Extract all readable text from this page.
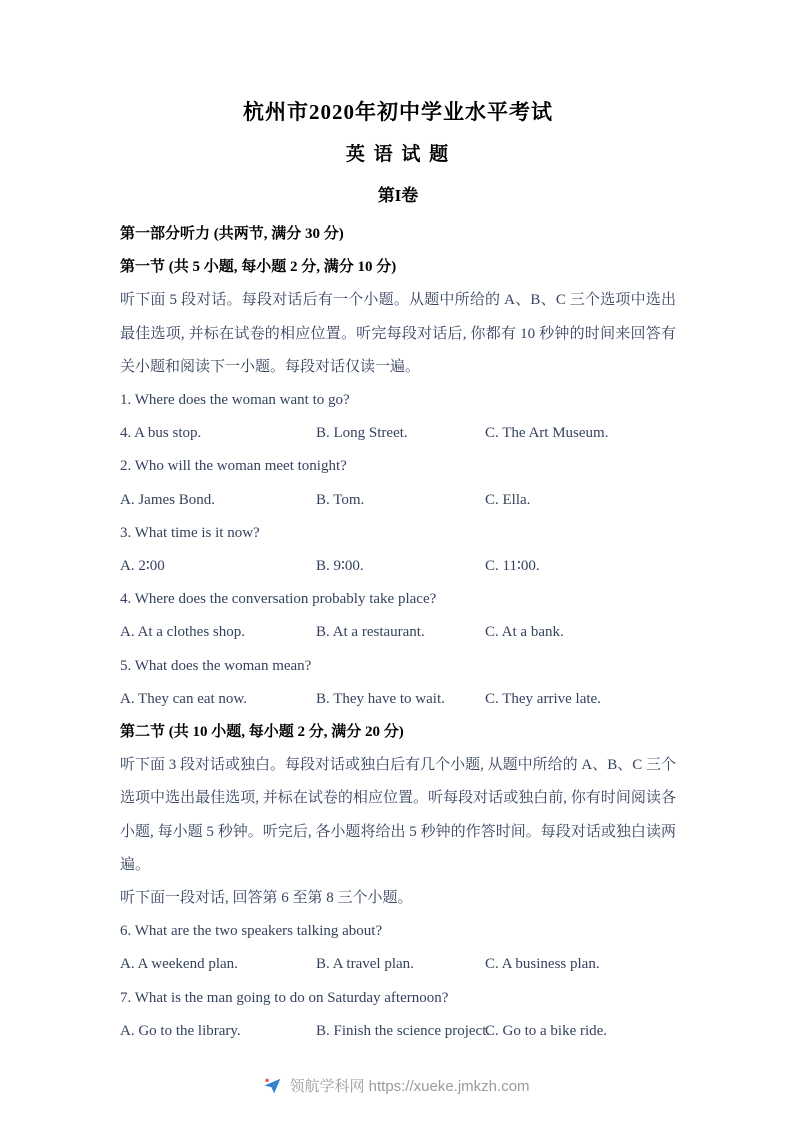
杭州市2020年初中学业水平考试
英 语 试 题
第I卷
第一部分听力 (共两节, 满分 30 分)
第一节 (共 5 小题, 每小题 2 分, 满分 10 分)
听下面 5 段对话。每段对话后有一个小题。从题中所给的 A、B、C 三个选项中选出最佳选项, 并标在试卷的相应位置。听完每段对话后, 你都有 10 秒钟的时间来回答有关小题和阅读下一小题。每段对话仅读一遍。
1. Where does the woman want to go?
4. A bus stop.	B. Long Street.	C. The Art Museum.
2. Who will the woman meet tonight?
A. James Bond.	B. Tom.	C. Ella.
3. What time is it now?
A. 2∶00	B. 9∶00.	C. 11∶00.
4. Where does the conversation probably take place?
A. At a clothes shop.	B. At a restaurant.	C. At a bank.
5. What does the woman mean?
A. They can eat now.	B. They have to wait.	C. They arrive late.
第二节 (共 10 小题, 每小题 2 分, 满分 20 分)
听下面 3 段对话或独白。每段对话或独白后有几个小题, 从题中所给的 A、B、C 三个选项中选出最佳选项, 并标在试卷的相应位置。听每段对话或独白前, 你有时间阅读各小题, 每小题 5 秒钟。听完后, 各小题将给出 5 秒钟的作答时间。每段对话或独白读两遍。
听下面一段对话, 回答第 6 至第 8 三个小题。
6. What are the two speakers talking about?
A. A weekend plan.	B. A travel plan.	C. A business plan.
7. What is the man going to do on Saturday afternoon?
A. Go to the library.	B. Finish the science project.C. Go to a bike ride.
领航学科网 https://xueke.jmkzh.com
